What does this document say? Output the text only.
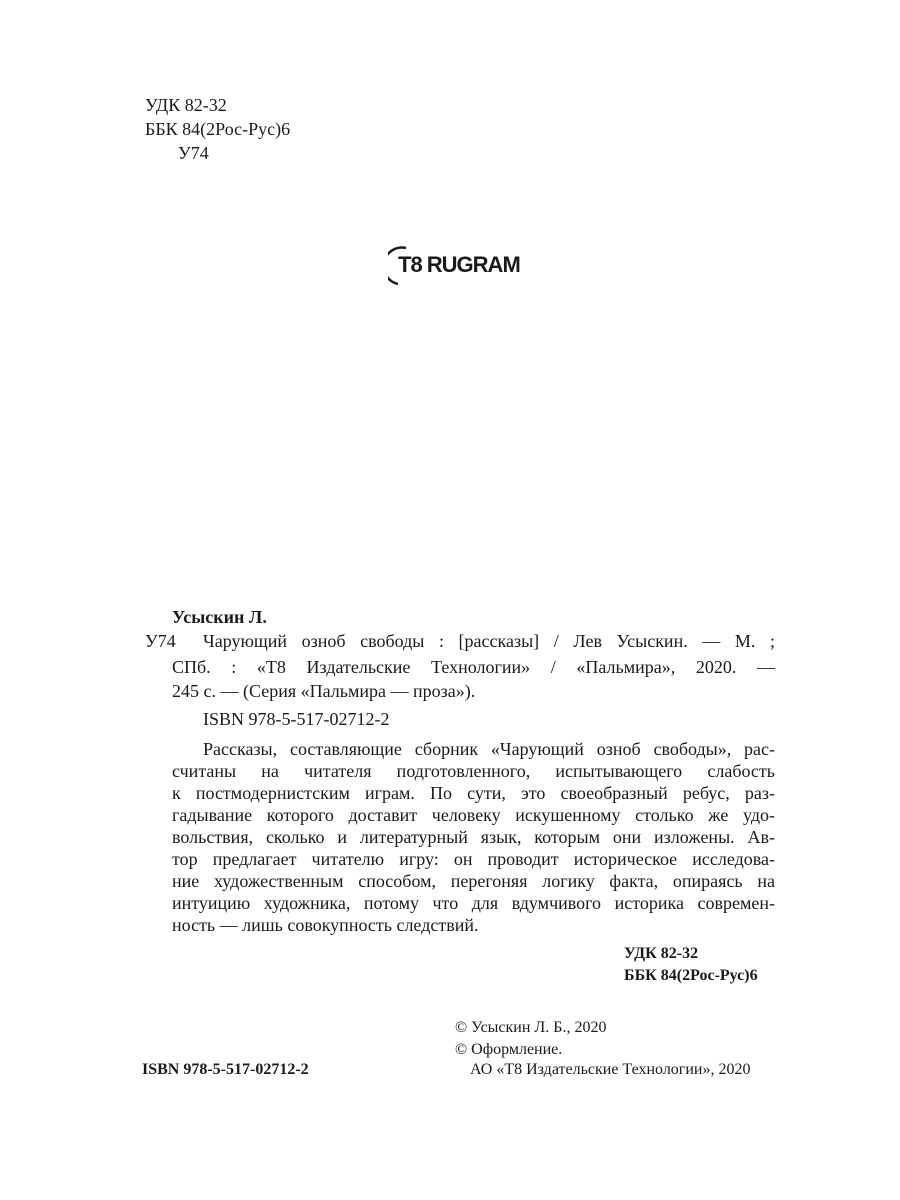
УДК 82-32
ББК 84(2Рос-Рус)6
У74
T8 RUGRAM
Усыскин Л.
У74 Чарующий озноб свободы : [рассказы] / Лев Усыскин. — М. ;
СПб. : «Т8 Издательские Технологии» / «Пальмира», 2020. —
245 с. — (Серия «Пальмира — проза»).
ISBN 978-5-517-02712-2
Рассказы, составляющие сборник «Чарующий озноб свободы», рас-
считаны на читателя подготовленного, испытывающего слабость
к постмодернистским играм. По сути, это своеобразный ребус, раз-
гадывание которого доставит человеку искушенному столько же удо-
вольствия, сколько и литературный язык, которым они изложены. Ав-
тор предлагает читателю игру: он проводит историческое исследова-
ние художественным способом, перегоняя логику факта, опираясь на
интуицию художника, потому что для вдумчивого историка современ-
ность — лишь совокупность следствий.
УДК 82-32
ББК 84(2Рос-Рус)6
ISBN 978-5-517-02712-2
© Усыскин Л. Б., 2020
© Оформление.
АО «Т8 Издательские Технологии», 2020
